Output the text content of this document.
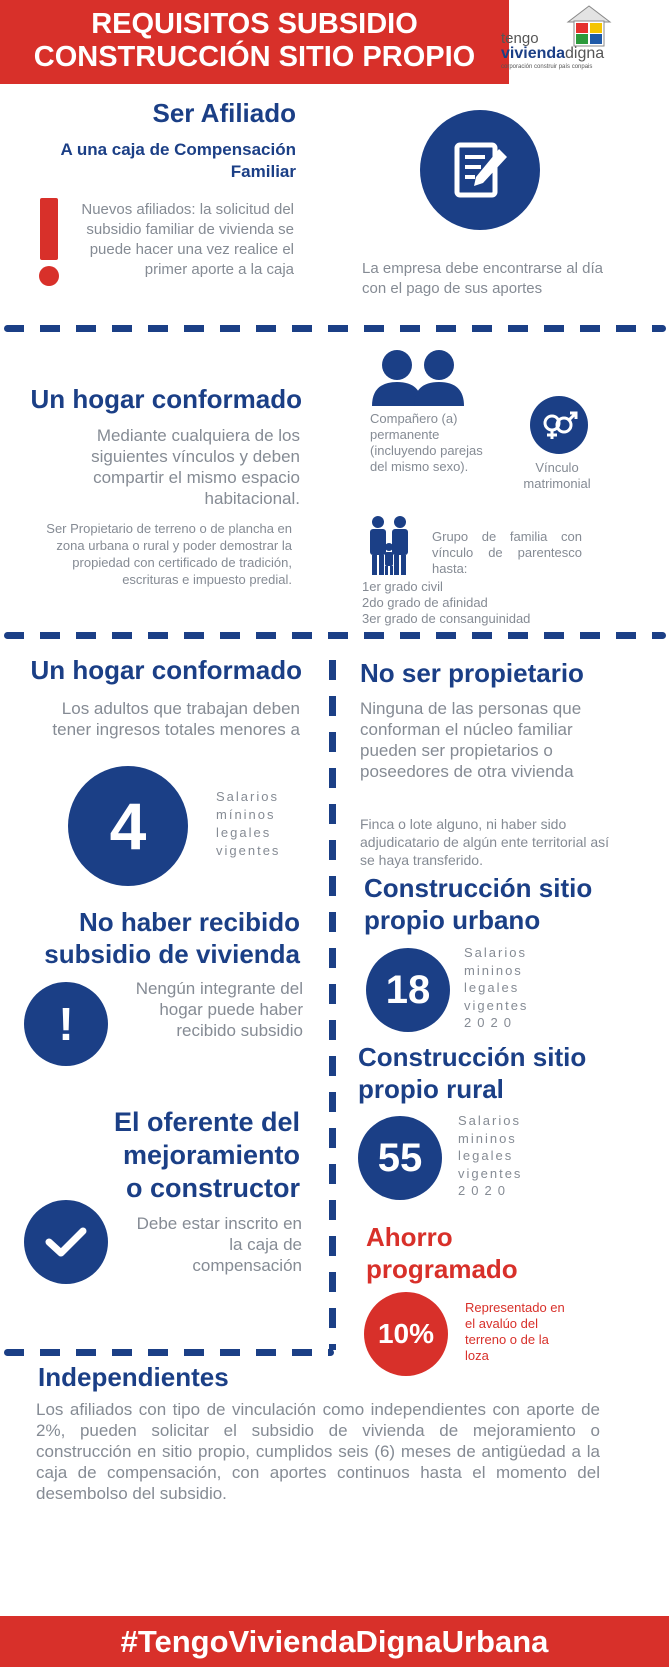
REQUISITOS SUBSIDIO
CONSTRUCCIÓN SITIO PROPIO
tengo
viviendadigna
corporación construir país conpais
Ser Afiliado
A una caja de Compensación Familiar
Nuevos afiliados: la solicitud del subsidio familiar de vivienda se puede hacer una vez realice el primer aporte a la caja	La empresa debe encontrarse al día con el pago de sus aportes
Un hogar conformado
Mediante cualquiera de los siguientes vínculos y deben compartir el mismo espacio habitacional.
Ser Propietario de terreno o de plancha en zona urbana o rural y poder demostrar la propiedad con certificado de tradición, escrituras e impuesto predial.
Compañero (a) permanente (incluyendo parejas del mismo sexo).	Vínculo matrimonial
Grupo de familia con vínculo de parentesco hasta:
1er grado civil
2do grado de afinidad
3er grado de consanguinidad
Un hogar conformado
Los adultos que trabajan deben tener ingresos totales menores a
4	Salarios míninos legales vigentes
No ser propietario
Ninguna de las personas que conforman el núcleo familiar pueden ser propietarios o poseedores de otra vivienda
Finca o lote alguno, ni haber sido adjudicatario de algún ente territorial así se haya transferido.
Construcción sitio
propio urbano
18
Salarios mininos legales vigentes
2020
No haber recibido
subsidio de vivienda
!
Nengún integrante del hogar puede haber recibido subsidio
Construcción sitio
propio rural
55
Salarios mininos legales vigentes
2020
El oferente del
mejoramiento
o constructor
Debe estar inscrito en la caja de compensación
Ahorro
programado
10%
Representado en el avalúo del terreno o de la loza
Independientes
Los afiliados con tipo de vinculación como independientes con aporte de 2%, pueden solicitar el subsidio de vivienda de mejoramiento o construcción en sitio propio, cumplidos seis (6) meses de antigüedad a la caja de compensación, con aportes continuos hasta el momento del desembolso del subsidio.
#TengoViviendaDignaUrbana
